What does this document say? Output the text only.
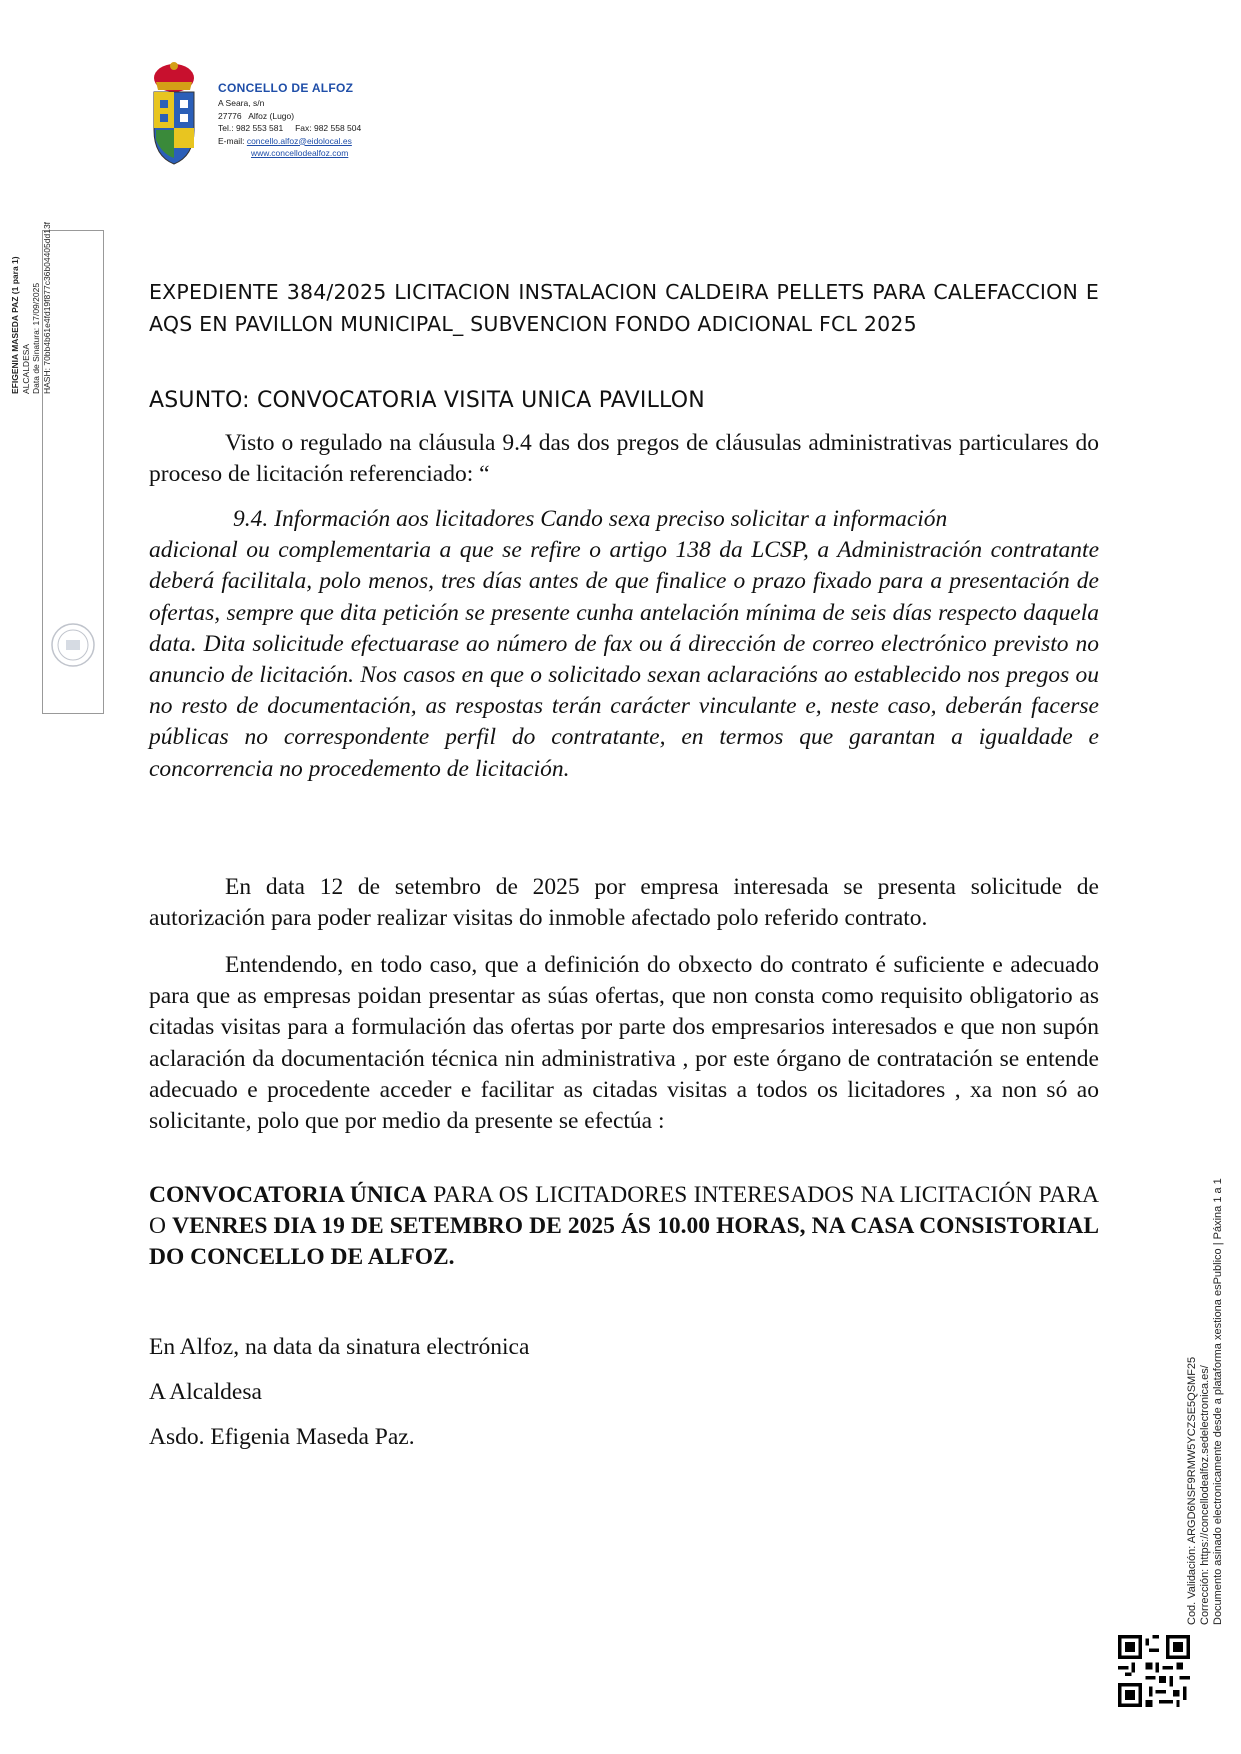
CONCELLO DE ALFOZ
A Seara, s/n
27776   Alfoz (Lugo)
Tel.: 982 553 581 Fax: 982 558 504
E-mail: concello.alfoz@eidolocal.es
www.concellodealfoz.com
EFIGENIA MASEDA PAZ (1 para 1) ALCALDESA Data de Sinatura: 17/09/2025 HASH: 70bb4b61e4fd19f877c36b04405dd13f
Cod. Validación: ARGD6NSF9RMW5YCZSE5QSMF25 Corrección: https://concellodealfoz.sedelectronica.es/ Documento asinado electronicamente desde a plataforma xestiona esPublico | Páxina 1 a 1
EXPEDIENTE 384/2025 LICITACION INSTALACION CALDEIRA PELLETS PARA CALEFACCION E AQS EN PAVILLON MUNICIPAL_ SUBVENCION FONDO ADICIONAL FCL 2025
ASUNTO: CONVOCATORIA VISITA UNICA PAVILLON
Visto o regulado na cláusula 9.4 das dos pregos de cláusulas administrativas particulares do proceso de licitación referenciado: “
9.4. Información aos licitadores Cando sexa preciso solicitar a información
adicional ou complementaria a que se refire o artigo 138 da LCSP, a Administración contratante deberá facilitala, polo menos, tres días antes de que finalice o prazo fixado para a presentación de ofertas, sempre que dita petición se presente cunha antelación mínima de seis días respecto daquela data. Dita solicitude efectuarase ao número de fax ou á dirección de correo electrónico previsto no anuncio de licitación. Nos casos en que o solicitado sexan aclaracións ao establecido nos pregos ou no resto de documentación, as respostas terán carácter vinculante e, neste caso, deberán facerse públicas no correspondente perfil do contratante, en termos que garantan a igualdade e concorrencia no procedemento de licitación.
En data 12 de setembro de 2025 por empresa interesada se presenta solicitude de autorización para poder realizar visitas do inmoble afectado polo referido contrato.
Entendendo, en todo caso, que a definición do obxecto do contrato é suficiente e adecuado para que as empresas poidan presentar as súas ofertas, que non consta como requisito obligatorio as citadas visitas para a formulación das ofertas por parte dos empresarios interesados e que non supón aclaración da documentación técnica nin administrativa , por este órgano de contratación se entende adecuado e procedente acceder e facilitar as citadas visitas a todos os licitadores , xa non só ao solicitante, polo que por medio da presente se efectúa :
CONVOCATORIA ÚNICA PARA OS LICITADORES INTERESADOS NA LICITACIÓN PARA O VENRES DIA 19 DE SETEMBRO DE 2025 ÁS 10.00 HORAS, NA CASA CONSISTORIAL DO CONCELLO DE ALFOZ.
En Alfoz, na data da sinatura electrónica
A Alcaldesa
Asdo. Efigenia Maseda Paz.
